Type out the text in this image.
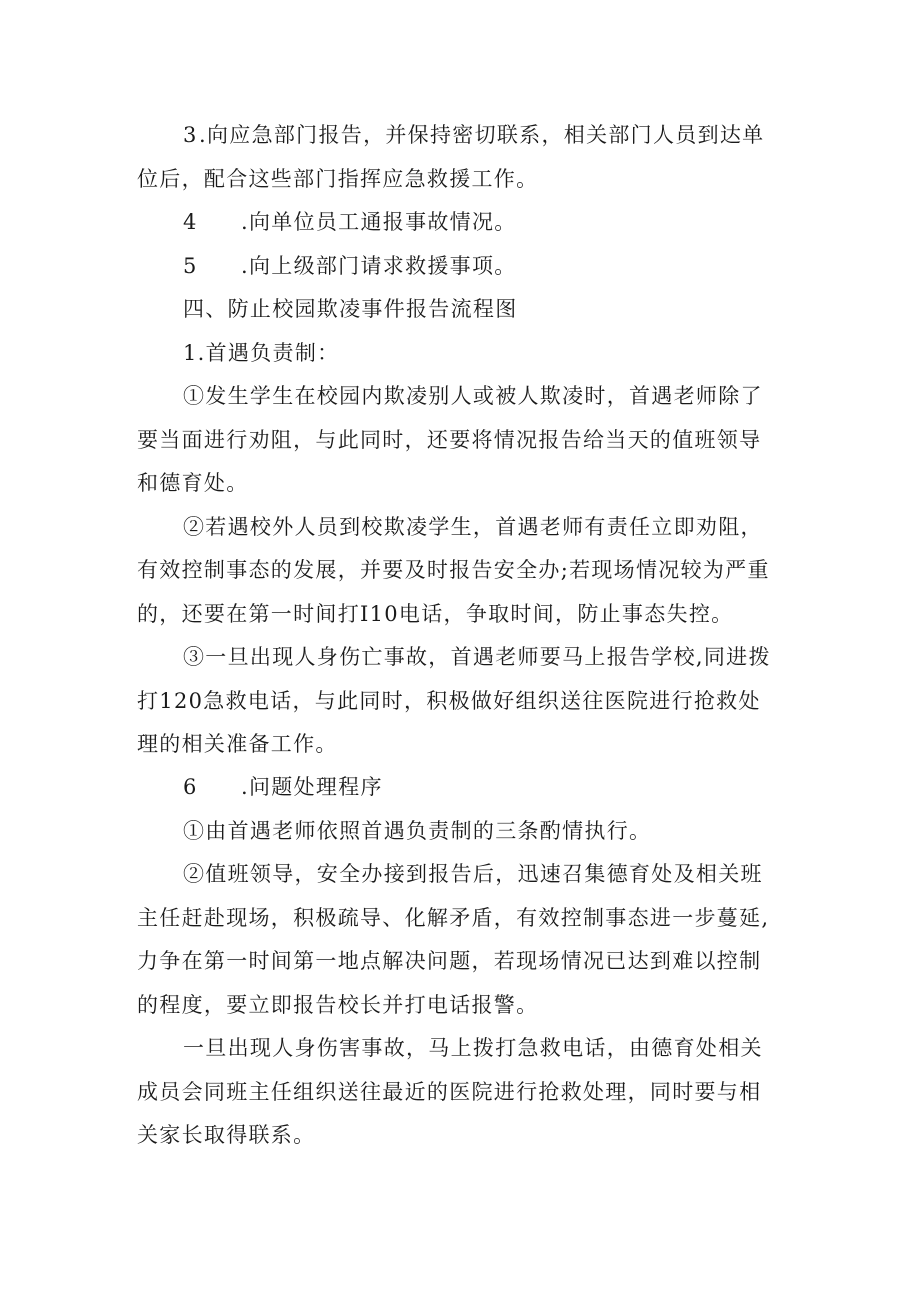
3.向应急部门报告，并保持密切联系，相关部门人员到达单
位后，配合这些部门指挥应急救援工作。
4 .向单位员工通报事故情况。
5 .向上级部门请求救援事项。
四、防止校园欺凌事件报告流程图
1.首遇负责制：
①发生学生在校园内欺凌别人或被人欺凌时，首遇老师除了
要当面进行劝阻，与此同时，还要将情况报告给当天的值班领导
和德育处。
②若遇校外人员到校欺凌学生，首遇老师有责任立即劝阻，
有效控制事态的发展，并要及时报告安全办;若现场情况较为严重
的，还要在第一时间打I10电话，争取时间，防止事态失控。
③一旦出现人身伤亡事故，首遇老师要马上报告学校,同进拨
打120急救电话，与此同时，积极做好组织送往医院进行抢救处
理的相关准备工作。
6 .问题处理程序
①由首遇老师依照首遇负责制的三条酌情执行。
②值班领导，安全办接到报告后，迅速召集德育处及相关班
主任赶赴现场，积极疏导、化解矛盾，有效控制事态进一步蔓延,
力争在第一时间第一地点解决问题，若现场情况已达到难以控制
的程度，要立即报告校长并打电话报警。
一旦出现人身伤害事故，马上拨打急救电话，由德育处相关
成员会同班主任组织送往最近的医院进行抢救处理，同时要与相
关家长取得联系。
